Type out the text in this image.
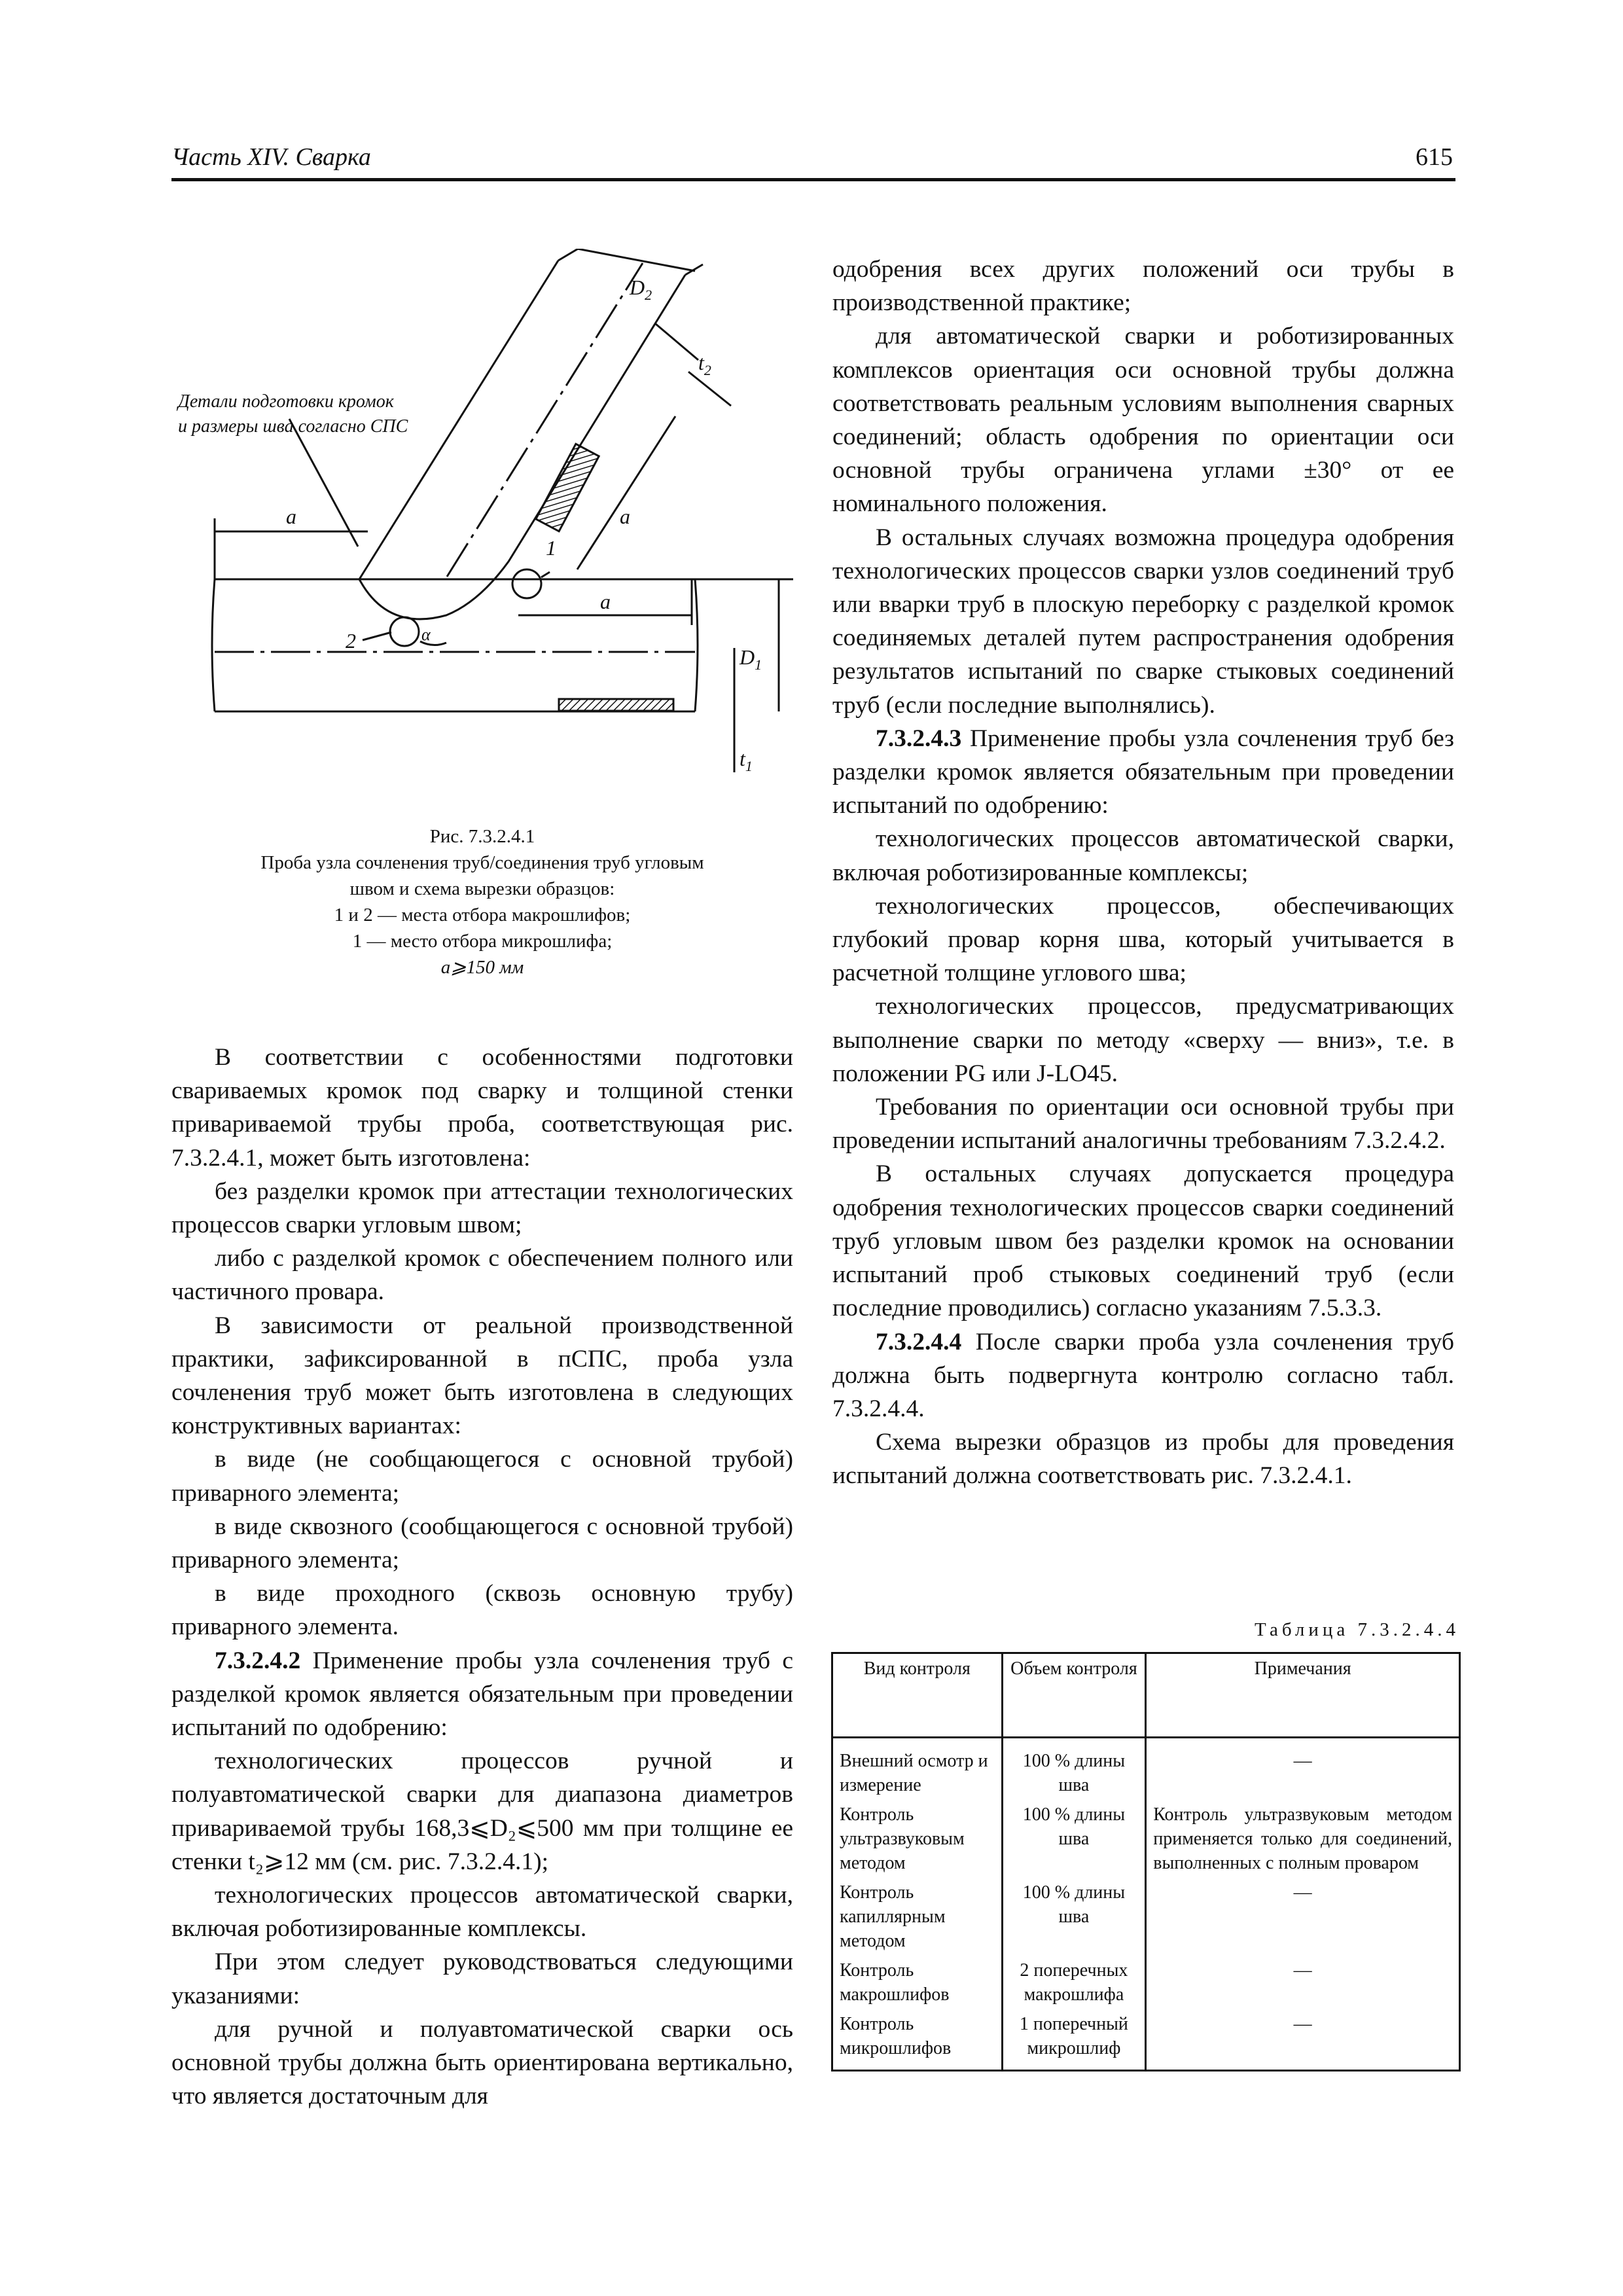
Часть XIV. Сварка	615
$D_2$
$t_2$
a
a
a
1
2	α
$D_1$
$t_1$
Детали подготовки кромок
и размеры шва согласно СПС
Рис. 7.3.2.4.1
Проба узла сочленения труб/соединения труб угловым
швом и схема вырезки образцов:
1 и 2 — места отбора макрошлифов;
1 — место отбора микрошлифа;
a⩾150 мм

В соответствии с особенностями подготовки свариваемых кромок под сварку и толщиной стенки привариваемой трубы проба, соответствующая рис. 7.3.2.4.1, может быть изготовлена:

без разделки кромок при аттестации технологических процессов сварки угловым швом;

либо с разделкой кромок с обеспечением полного или частичного провара.

В зависимости от реальной производственной практики, зафиксированной в пСПС, проба узла сочленения труб может быть изготовлена в следующих конструктивных вариантах:

в виде (не сообщающегося с основной трубой) приварного элемента;

в виде сквозного (сообщающегося с основной трубой) приварного элемента;

в виде проходного (сквозь основную трубу) приварного элемента.

7.3.2.4.2 Применение пробы узла сочленения труб с разделкой кромок является обязательным при проведении испытаний по одобрению:

технологических процессов ручной и полуавтоматической сварки для диапазона диаметров привариваемой трубы 168,3⩽D₂⩽500 мм при толщине ее стенки t₂⩾12 мм (см. рис. 7.3.2.4.1);

технологических процессов автоматической сварки, включая роботизированные комплексы.

При этом следует руководствоваться следующими указаниями:

для ручной и полуавтоматической сварки ось основной трубы должна быть ориентирована вертикально, что является достаточным для

одобрения всех других положений оси трубы в производственной практике;

для автоматической сварки и роботизированных комплексов ориентация оси основной трубы должна соответствовать реальным условиям выполнения сварных соединений; область одобрения по ориентации оси основной трубы ограничена углами ±30° от ее номинального положения.

В остальных случаях возможна процедура одобрения технологических процессов сварки узлов соединений труб или вварки труб в плоскую переборку с разделкой кромок соединяемых деталей путем распространения одобрения результатов испытаний по сварке стыковых соединений труб (если последние выполнялись).

7.3.2.4.3 Применение пробы узла сочленения труб без разделки кромок является обязательным при проведении испытаний по одобрению:

технологических процессов автоматической сварки, включая роботизированные комплексы;

технологических процессов, обеспечивающих глубокий провар корня шва, который учитывается в расчетной толщине углового шва;

технологических процессов, предусматривающих выполнение сварки по методу «сверху — вниз», т.е. в положении PG или J-LO45.

Требования по ориентации оси основной трубы при проведении испытаний аналогичны требованиям 7.3.2.4.2.

В остальных случаях допускается процедура одобрения технологических процессов сварки соединений труб угловым швом без разделки кромок на основании испытаний проб стыковых соединений труб (если последние проводились) согласно указаниям 7.5.3.3.

7.3.2.4.4 После сварки проба узла сочленения труб должна быть подвергнута контролю согласно табл. 7.3.2.4.4.

Схема вырезки образцов из пробы для проведения испытаний должна соответствовать рис. 7.3.2.4.1.

Таблица 7.3.2.4.4
Вид контроля	Объем контроля	Примечания
Внешний осмотр и измерение	100 % длины шва	—

Контроль ультразвуковым методом	100 % длины шва	Контроль ультразвуковым методом применяется только для соединений, выполненных с полным проваром
Контроль капиллярным методом	100 % длины шва	—

Контроль макрошлифов	2 поперечных макрошлифа	—

Контроль микрошлифов	1 поперечный микрошлиф	—
